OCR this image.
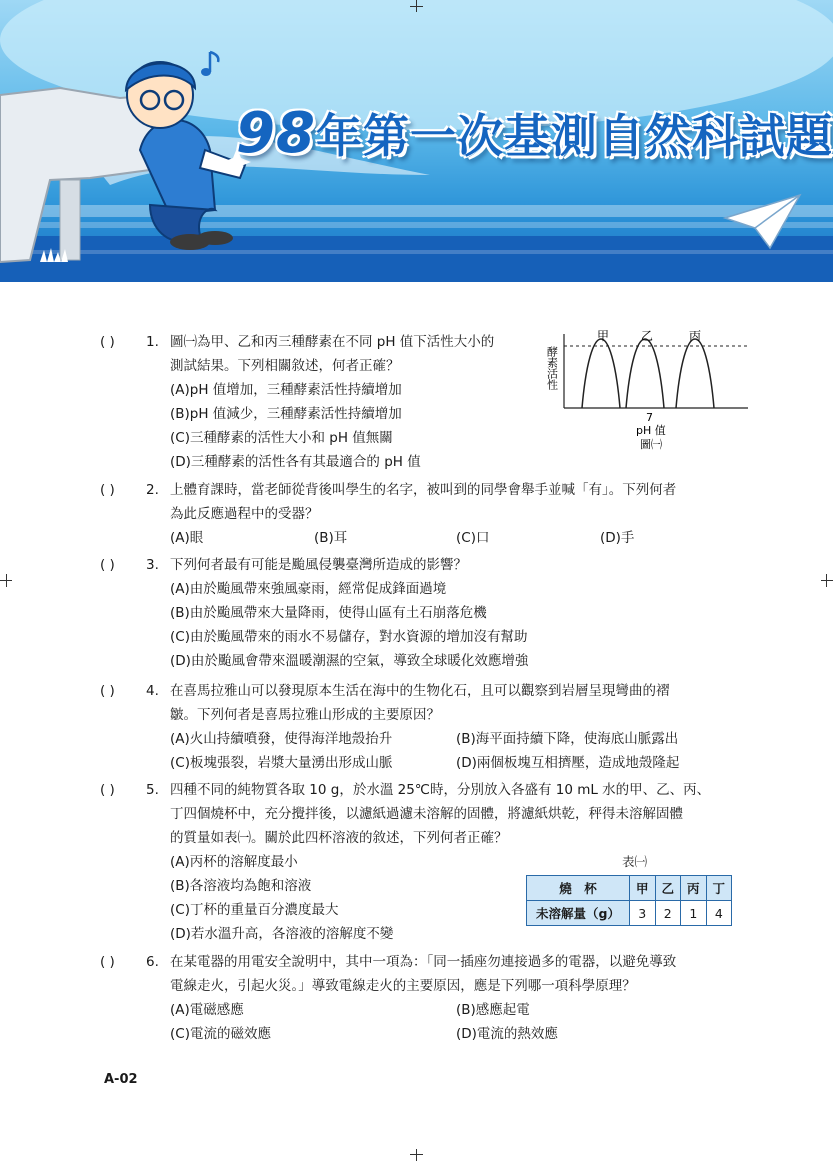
98年第一次基測自然科試題
( )	1. 圖㈠為甲、乙和丙三種酵素在不同 pH 值下活性大小的
測試結果。下列相關敘述，何者正確？
(A)pH 值增加，三種酵素活性持續增加
(B)pH 值減少，三種酵素活性持續增加
(C)三種酵素的活性大小和 pH 值無關
(D)三種酵素的活性各有其最適合的 pH 值
酵素活性
甲	乙	丙
7
pH 值
圖㈠
( )	2. 上體育課時，當老師從背後叫學生的名字，被叫到的同學會舉手並喊「有」。下列何者
為此反應過程中的受器？
(A)眼	(B)耳	(C)口	(D)手
( )	3. 下列何者最有可能是颱風侵襲臺灣所造成的影響？
(A)由於颱風帶來強風豪雨，經常促成鋒面過境
(B)由於颱風帶來大量降雨，使得山區有土石崩落危機
(C)由於颱風帶來的雨水不易儲存，對水資源的增加沒有幫助
(D)由於颱風會帶來溫暖潮濕的空氣，導致全球暖化效應增強
( )	4. 在喜馬拉雅山可以發現原本生活在海中的生物化石，且可以觀察到岩層呈現彎曲的褶
皺。下列何者是喜馬拉雅山形成的主要原因？
(A)火山持續噴發，使得海洋地殼抬升	(B)海平面持續下降，使海底山脈露出
(C)板塊張裂，岩漿大量湧出形成山脈	(D)兩個板塊互相擠壓，造成地殼隆起
( )	5. 四種不同的純物質各取 10 g，於水溫 25℃時，分別放入各盛有 10 mL 水的甲、乙、丙、
丁四個燒杯中，充分攪拌後，以濾紙過濾未溶解的固體，將濾紙烘乾，秤得未溶解固體
的質量如表㈠。關於此四杯溶液的敘述，下列何者正確？
(A)丙杯的溶解度最小
(B)各溶液均為飽和溶液
(C)丁杯的重量百分濃度最大
(D)若水溫升高，各溶液的溶解度不變
表㈠
燒　杯	甲	乙	丙	丁
未溶解量（g）	3	2	1	4
( )	6. 在某電器的用電安全說明中，其中一項為：「同一插座勿連接過多的電器，以避免導致
電線走火，引起火災。」導致電線走火的主要原因，應是下列哪一項科學原理？
(A)電磁感應	(B)感應起電
(C)電流的磁效應	(D)電流的熱效應
A-02
